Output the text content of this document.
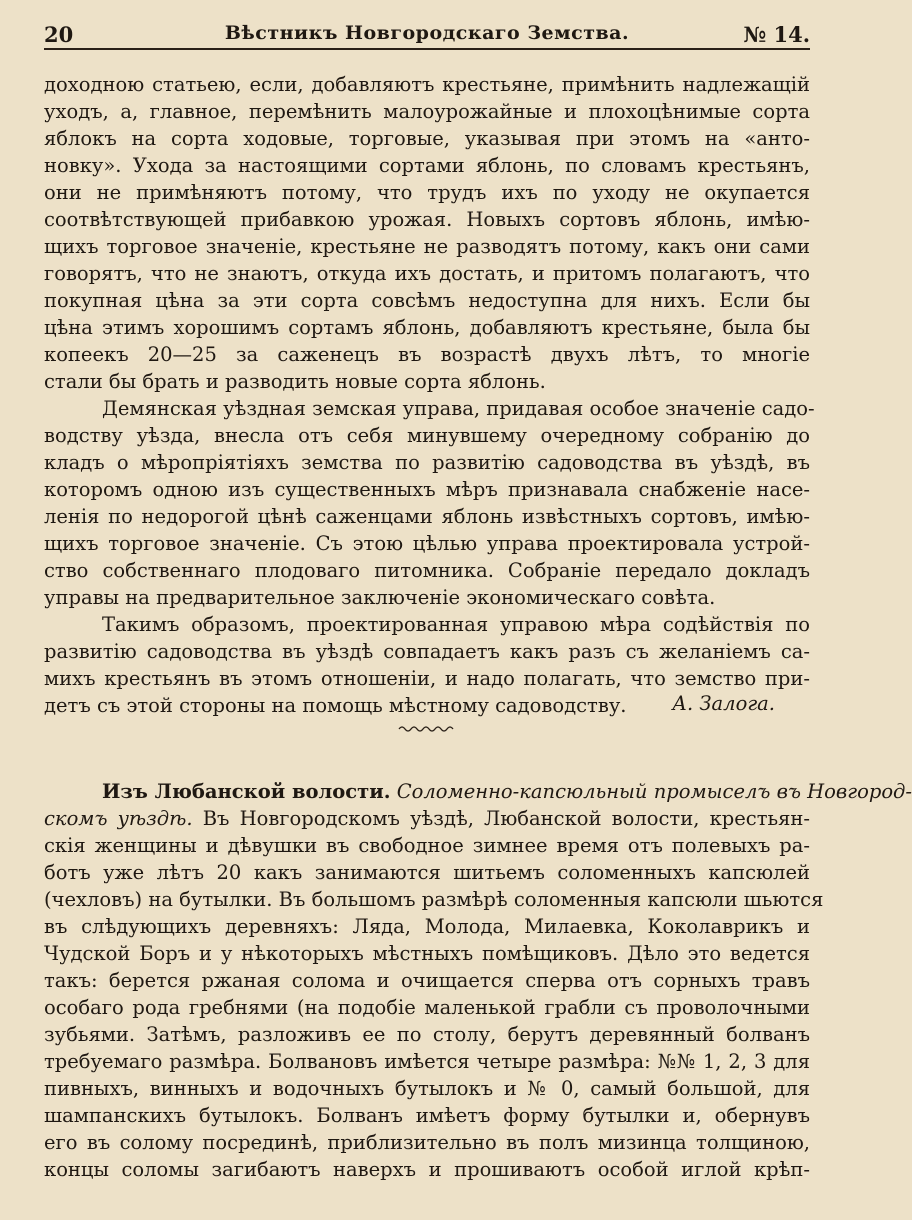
20	Вѣстникъ Новгородскаго Земства.	№ 14.
доходною статьею, если, добавляютъ крестьяне, примѣнить надлежащій
уходъ, а, главное, перемѣнить малоурожайные и плохоцѣнимые сорта
яблокъ на сорта ходовые, торговые, указывая при этомъ на «анто-
новку». Ухода за настоящими сортами яблонь, по словамъ крестьянъ,
они не примѣняютъ потому, что трудъ ихъ по уходу не окупается
соотвѣтствующей прибавкою урожая. Новыхъ сортовъ яблонь, имѣю-
щихъ торговое значеніе, крестьяне не разводятъ потому, какъ они сами
говорятъ, что не знаютъ, откуда ихъ достать, и притомъ полагаютъ, что
покупная цѣна за эти сорта совсѣмъ недоступна для нихъ. Если бы
цѣна этимъ хорошимъ сортамъ яблонь, добавляютъ крестьяне, была бы
копеекъ 20—25 за саженецъ въ возрастѣ двухъ лѣтъ, то многіе
стали бы брать и разводить новые сорта яблонь.
Демянская уѣздная земская управа, придавая особое значеніе садо-
водству уѣзда, внесла отъ себя минувшему очередному собранію до
кладъ о мѣропріятіяхъ земства по развитію садоводства въ уѣздѣ, въ
которомъ одною изъ существенныхъ мѣръ признавала снабженіе насе-
ленія по недорогой цѣнѣ саженцами яблонь извѣстныхъ сортовъ, имѣю-
щихъ торговое значеніе. Съ этою цѣлью управа проектировала устрой-
ство собственнаго плодоваго питомника. Собраніе передало докладъ
управы на предварительное заключеніе экономическаго совѣта.
Такимъ образомъ, проектированная управою мѣра содѣйствія по
развитію садоводства въ уѣздѣ совпадаетъ какъ разъ съ желаніемъ са-
михъ крестьянъ въ этомъ отношеніи, и надо полагать, что земство при-
детъ съ этой стороны на помощь мѣстному садоводству.	А. Залога.
Изъ Любанской волости. Соломенно-капсюльный промыселъ въ Новгород-
скомъ уѣздѣ. Въ Новгородскомъ уѣздѣ, Любанской волости, крестьян-
скія женщины и дѣвушки въ свободное зимнее время отъ полевыхъ ра-
ботъ уже лѣтъ 20 какъ занимаются шитьемъ соломенныхъ капсюлей
(чехловъ) на бутылки. Въ большомъ размѣрѣ соломенныя капсюли шьются
въ слѣдующихъ деревняхъ: Ляда, Молода, Милаевка, Коколаврикъ и
Чудской Боръ и у нѣкоторыхъ мѣстныхъ помѣщиковъ. Дѣло это ведется
такъ: берется ржаная солома и очищается сперва отъ сорныхъ травъ
особаго рода гребнями (на подобіе маленькой грабли съ проволочными
зубьями. Затѣмъ, разложивъ ее по столу, берутъ деревянный болванъ
требуемаго размѣра. Болвановъ имѣется четыре размѣра: №№ 1, 2, 3 для
пивныхъ, винныхъ и водочныхъ бутылокъ и № 0, самый большой, для
шампанскихъ бутылокъ. Болванъ имѣетъ форму бутылки и, обернувъ
его въ солому посрединѣ, приблизительно въ полъ мизинца толщиною,
концы соломы загибаютъ наверхъ и прошиваютъ особой иглой крѣп-
